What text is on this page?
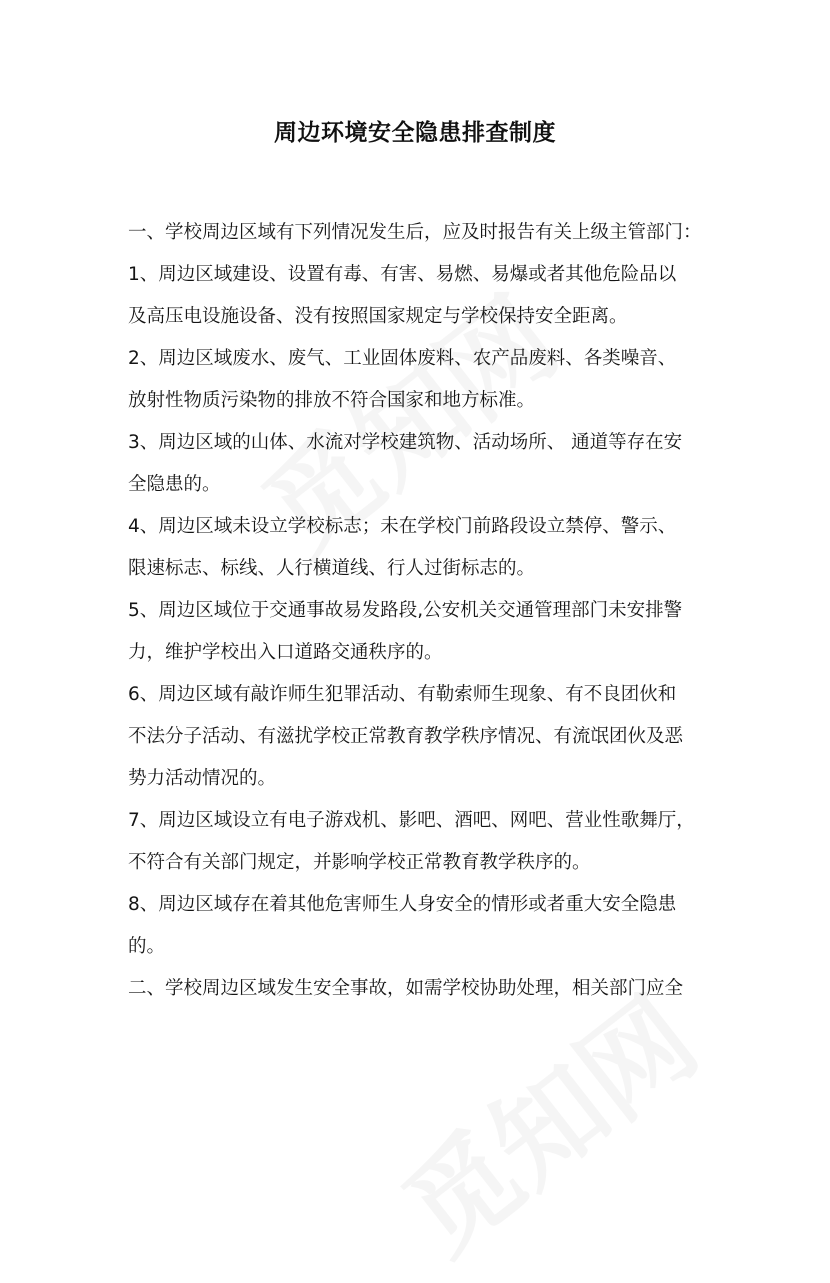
周边环境安全隐患排查制度
一、学校周边区域有下列情况发生后，应及时报告有关上级主管部门：
1、周边区域建设、设置有毒、有害、易燃、易爆或者其他危险品以
及高压电设施设备、没有按照国家规定与学校保持安全距离。
2、周边区域废水、废气、工业固体废料、农产品废料、各类噪音、
放射性物质污染物的排放不符合国家和地方标准。
3、周边区域的山体、水流对学校建筑物、活动场所、 通道等存在安
全隐患的。
4、周边区域未设立学校标志；未在学校门前路段设立禁停、警示、
限速标志、标线、人行横道线、行人过街标志的。
5、周边区域位于交通事故易发路段,公安机关交通管理部门未安排警
力，维护学校出入口道路交通秩序的。
6、周边区域有敲诈师生犯罪活动、有勒索师生现象、有不良团伙和
不法分子活动、有滋扰学校正常教育教学秩序情况、有流氓团伙及恶
势力活动情况的。
7、周边区域设立有电子游戏机、影吧、酒吧、网吧、营业性歌舞厅，
不符合有关部门规定，并影响学校正常教育教学秩序的。
8、周边区域存在着其他危害师生人身安全的情形或者重大安全隐患
的。
二、学校周边区域发生安全事故，如需学校协助处理，相关部门应全
